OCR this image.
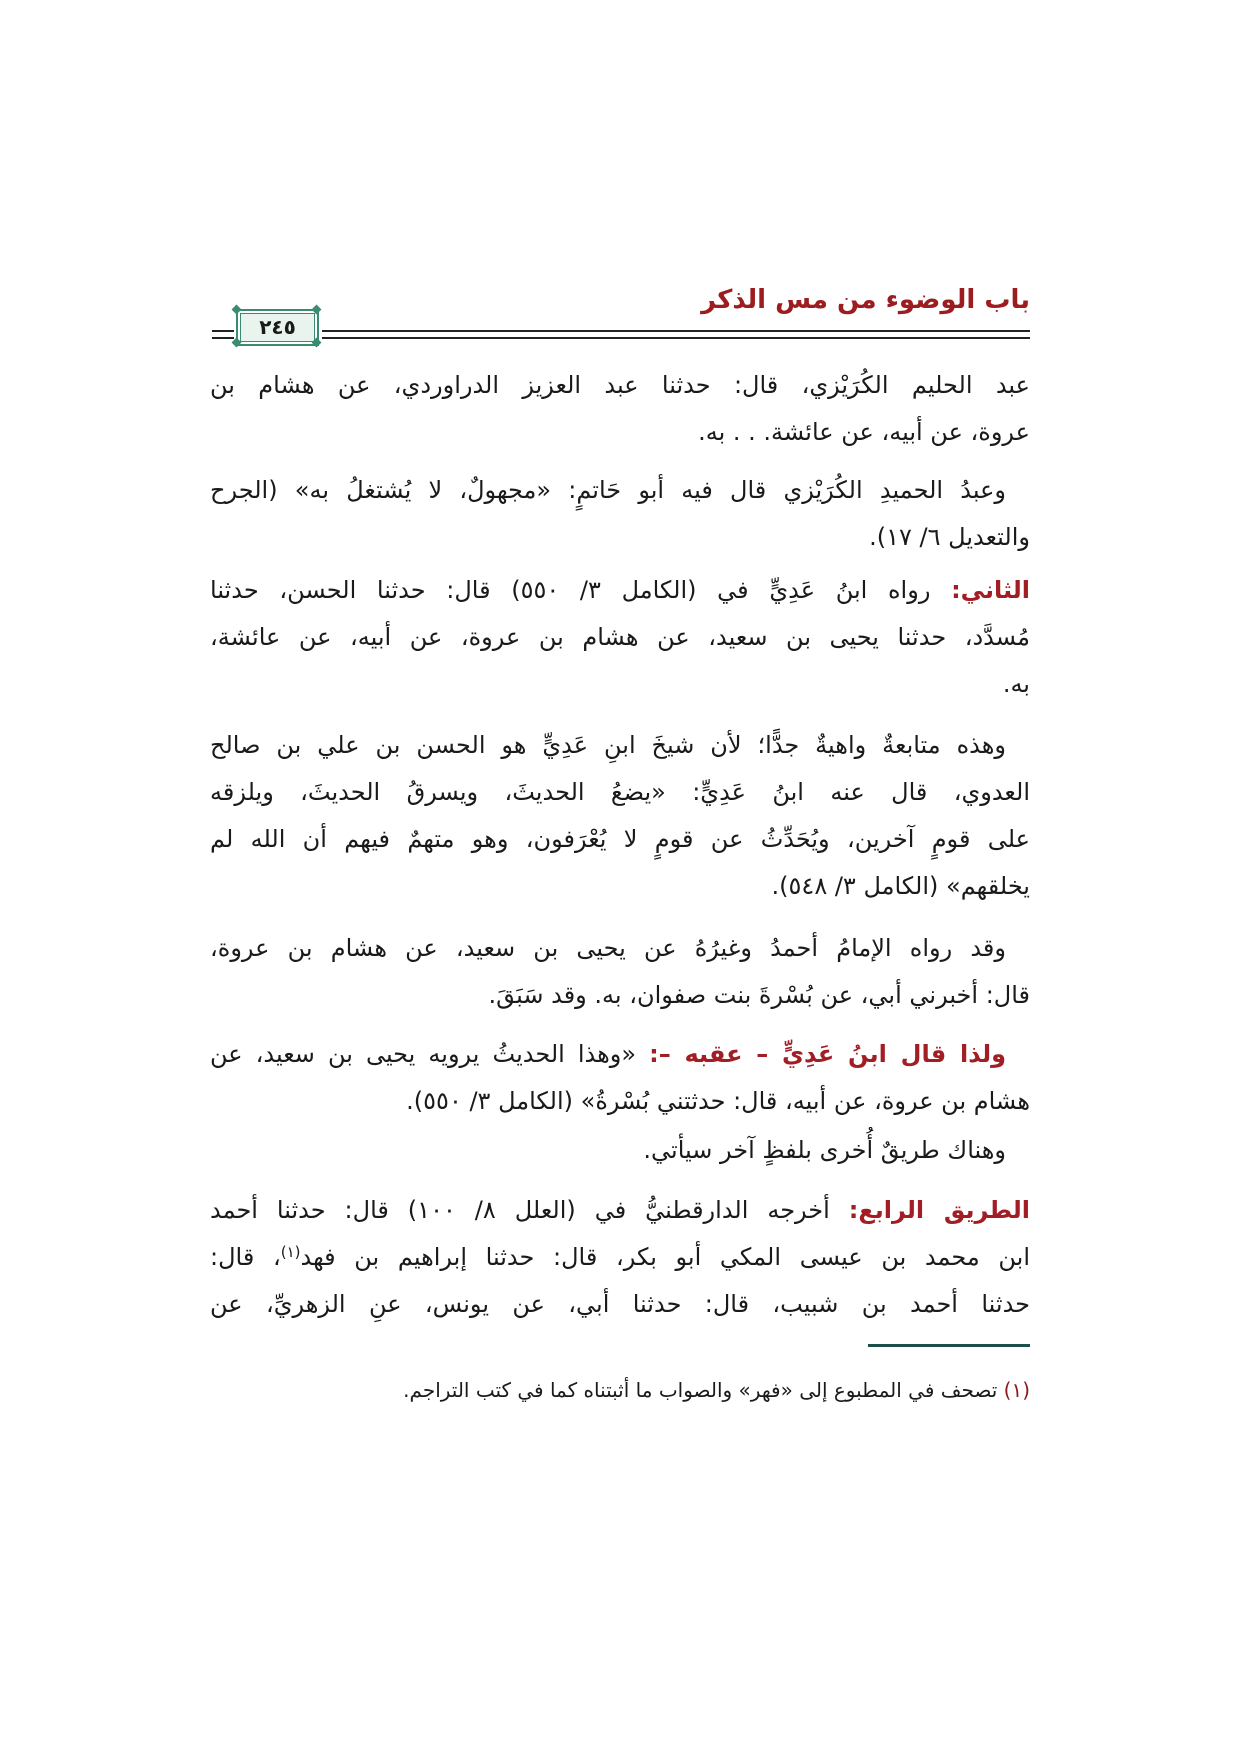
باب الوضوء من مس الذكر
٢٤٥
عبد الحليم الكُرَيْزي، قال: حدثنا عبد العزيز الدراوردي، عن هشام بن
عروة، عن أبيه، عن عائشة. . . به.
وعبدُ الحميدِ الكُرَيْزي قال فيه أبو حَاتمٍ: «مجهولٌ، لا يُشتغلُ به» (الجرح
والتعديل ٦/ ١٧).
الثاني: رواه ابنُ عَدِيٍّ في (الكامل ٣/ ٥٥٠) قال: حدثنا الحسن، حدثنا
مُسدَّد، حدثنا يحيى بن سعيد، عن هشام بن عروة، عن أبيه، عن عائشة،
به.
وهذه متابعةٌ واهيةٌ جدًّا؛ لأن شيخَ ابنِ عَدِيٍّ هو الحسن بن علي بن صالح
العدوي، قال عنه ابنُ عَدِيٍّ: «يضعُ الحديثَ، ويسرقُ الحديثَ، ويلزقه
على قومٍ آخرين، ويُحَدِّثُ عن قومٍ لا يُعْرَفون، وهو متهمٌ فيهم أن الله لم
يخلقهم» (الكامل ٣/ ٥٤٨).
وقد رواه الإمامُ أحمدُ وغيرُهُ عن يحيى بن سعيد، عن هشام بن عروة،
قال: أخبرني أبي، عن بُسْرةَ بنت صفوان، به. وقد سَبَقَ.
ولذا قال ابنُ عَدِيٍّ – عقبه –: «وهذا الحديثُ يرويه يحيى بن سعيد، عن
هشام بن عروة، عن أبيه، قال: حدثتني بُسْرةُ» (الكامل ٣/ ٥٥٠).
وهناك طريقٌ أُخرى بلفظٍ آخر سيأتي.
الطريق الرابع: أخرجه الدارقطنيُّ في (العلل ٨/ ١٠٠) قال: حدثنا أحمد
ابن محمد بن عيسى المكي أبو بكر، قال: حدثنا إبراهيم بن فهد$^{(١)}$، قال:
حدثنا أحمد بن شبيب، قال: حدثنا أبي، عن يونس، عنِ الزهريِّ، عن
(١) تصحف في المطبوع إلى «فهر» والصواب ما أثبتناه كما في كتب التراجم.
